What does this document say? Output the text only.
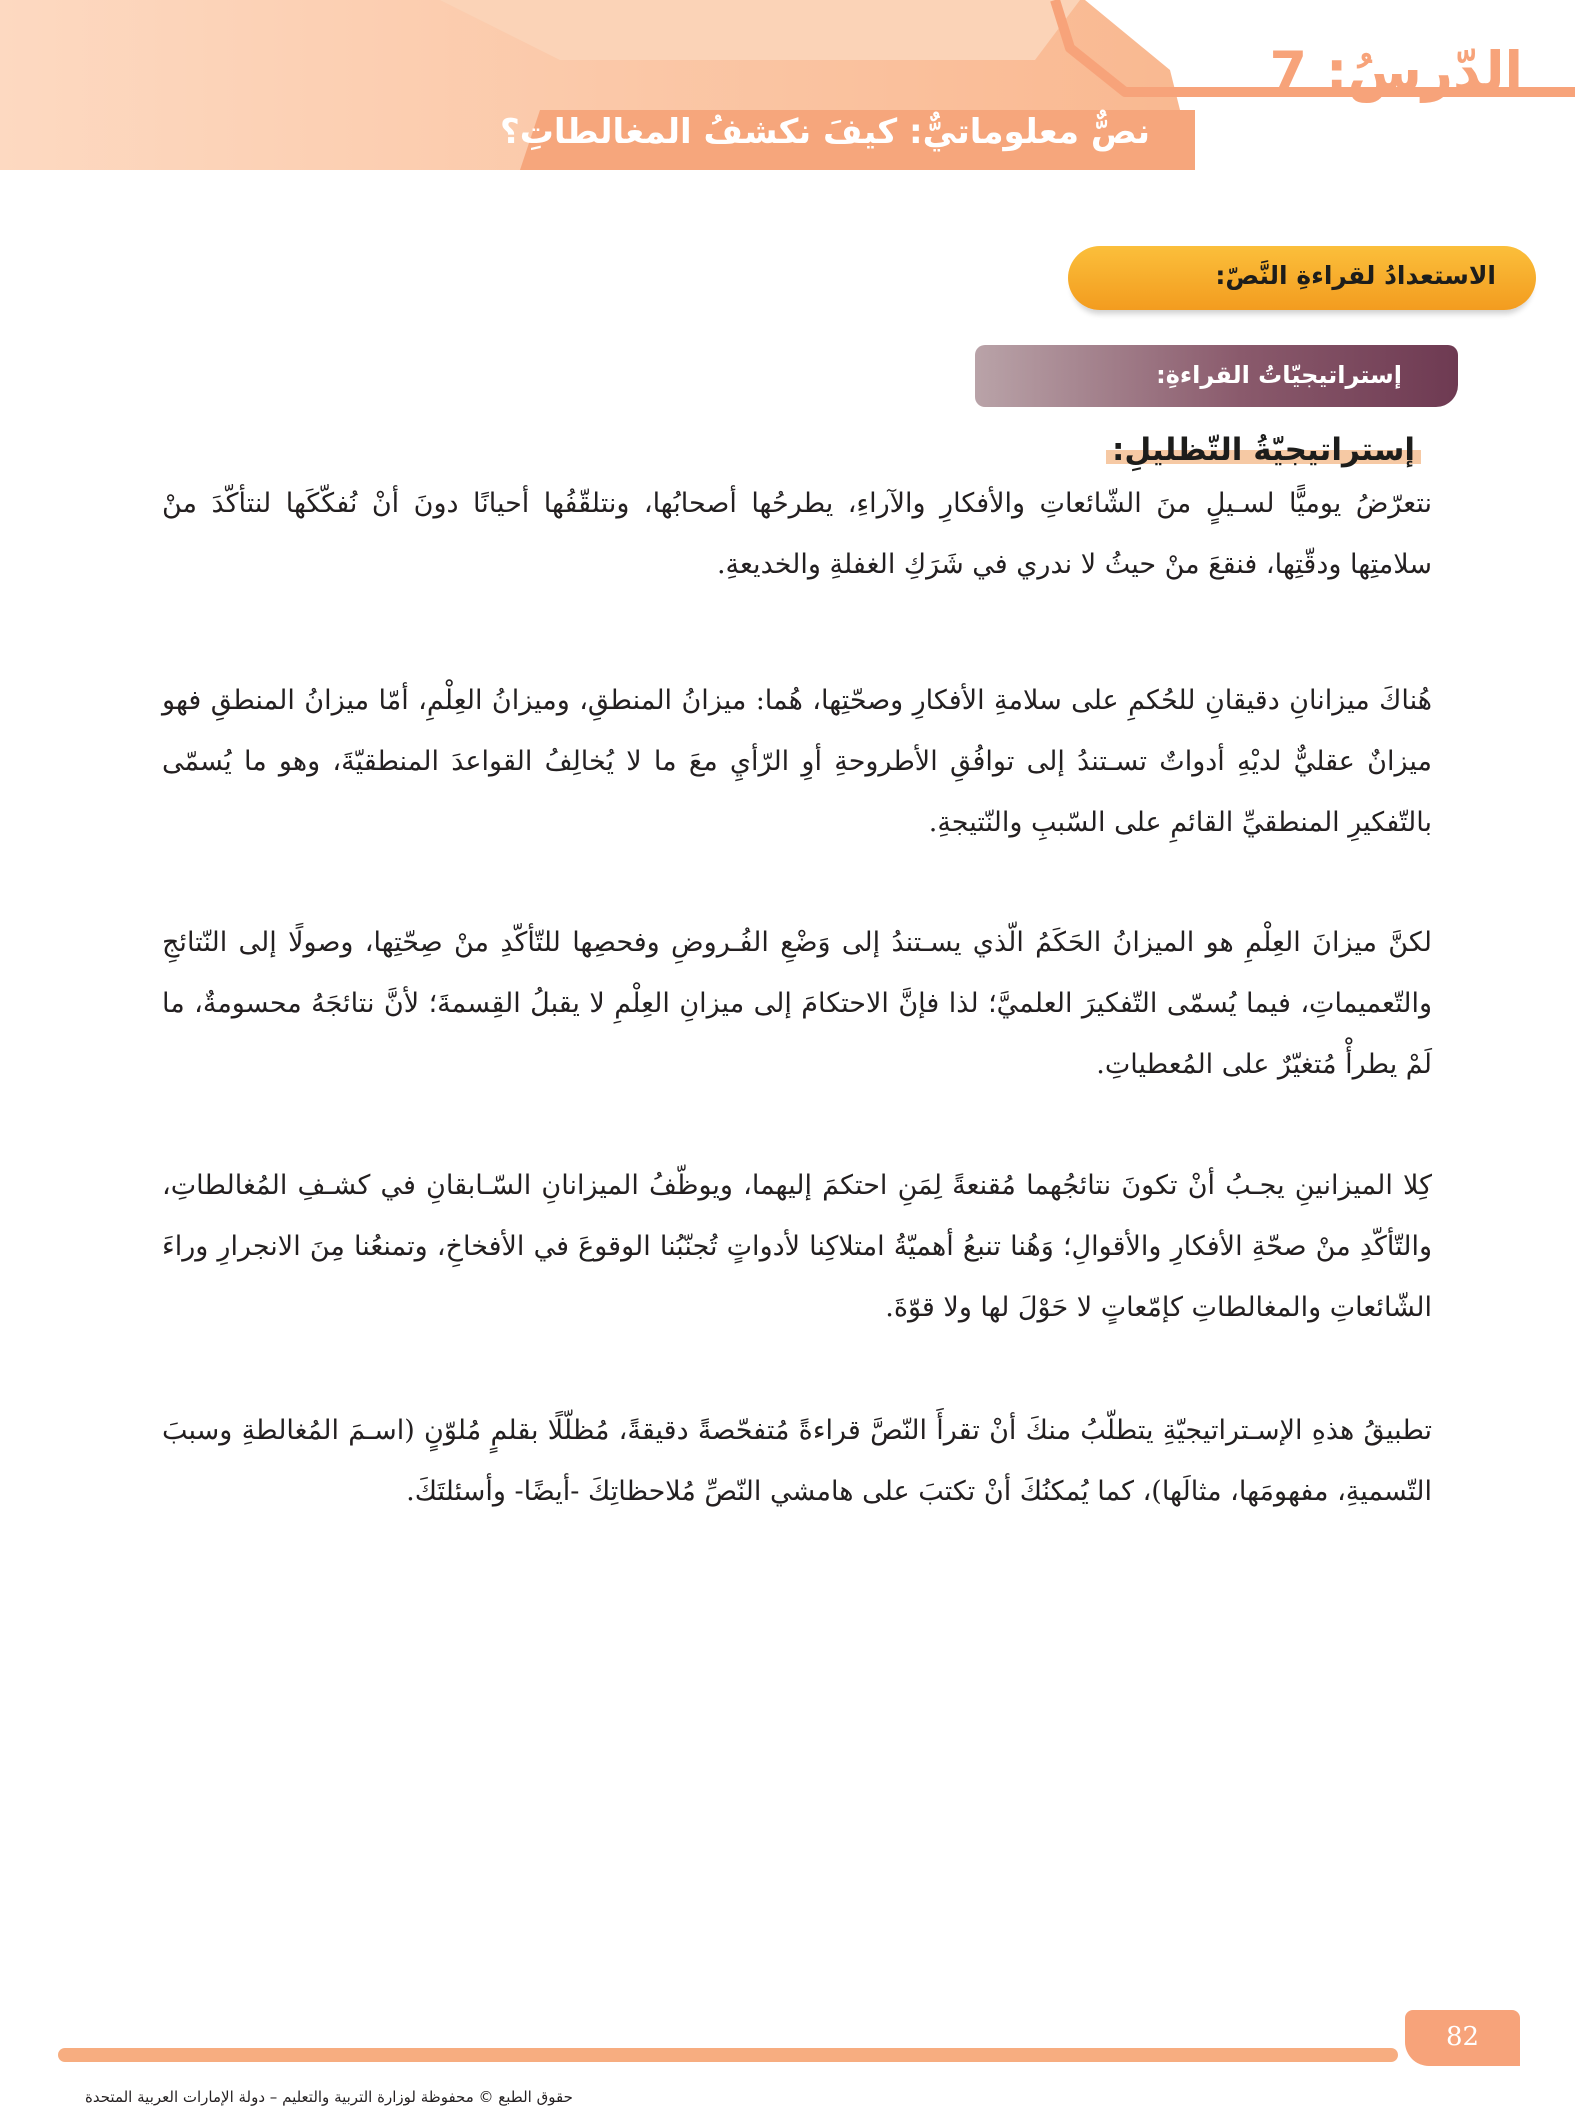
الدّرسُ: 7
نصٌّ معلوماتيٌّ: كيفَ نكشفُ المغالطاتِ؟
الاستعدادُ لقراءةِ النَّصّ:
إستراتيجيّاتُ القراءةِ:
إستراتيجيّةُ التّظليلِ:

نتعرّضُ يوميًّا لسـيلٍ منَ الشّائعاتِ والأفكارِ والآراءِ، يطرحُها أصحابُها، ونتلقّفُها أحيانًا دونَ أنْ نُفكّكَها لنتأكّدَ منْ سلامتِها ودقّتِها، فنقعَ منْ حيثُ لا ندري في شَرَكِ الغفلةِ والخديعةِ.

هُناكَ ميزانانِ دقيقانِ للحُكمِ على سلامةِ الأفكارِ وصحّتِها، هُما: ميزانُ المنطقِ، وميزانُ العِلْمِ، أمّا ميزانُ المنطقِ فهو ميزانٌ عقليٌّ لديْهِ أدواتٌ تسـتندُ إلى توافُقِ الأطروحةِ أوِ الرّأيِ معَ ما لا يُخالِفُ القواعدَ المنطقيّةَ، وهو ما يُسمّى بالتّفكيرِ المنطقيِّ القائمِ على السّببِ والنّتيجةِ.

لكنَّ ميزانَ العِلْمِ هو الميزانُ الحَكَمُ الّذي يسـتندُ إلى وَضْعِ الفُـروضِ وفحصِها للتّأكّدِ منْ صِحّتِها، وصولًا إلى النّتائجِ والتّعميماتِ، فيما يُسمّى التّفكيرَ العلميَّ؛ لذا فإنَّ الاحتكامَ إلى ميزانِ العِلْمِ لا يقبلُ القِسمةَ؛ لأنَّ نتائجَهُ محسومةٌ، ما لَمْ يطرأْ مُتغيّرٌ على المُعطياتِ.

كِلا الميزانينِ يجـبُ أنْ تكونَ نتائجُهما مُقنعةً لِمَنِ احتكمَ إليهما، ويوظّفُ الميزانانِ السّـابقانِ في كشـفِ المُغالطاتِ، والتّأكّدِ منْ صحّةِ الأفكارِ والأقوالِ؛ وَهُنا تنبعُ أهميّةُ امتلاكِنا لأدواتٍ تُجنّبُنا الوقوعَ في الأفخاخِ، وتمنعُنا مِنَ الانجرارِ وراءَ الشّائعاتِ والمغالطاتِ كإمّعاتٍ لا حَوْلَ لها ولا قوّةَ.

تطبيقُ هذهِ الإسـتراتيجيّةِ يتطلّبُ منكَ أنْ تقرأَ النّصَّ قراءةً مُتفحّصةً دقيقةً، مُظلّلًا بقلمٍ مُلوّنٍ (اسـمَ المُغالطةِ وسببَ التّسميةِ، مفهومَها، مثالَها)، كما يُمكنُكَ أنْ تكتبَ على هامشي النّصِّ مُلاحظاتِكَ -أيضًا- وأسئلتَكَ.

82
حقوق الطبع © محفوظة لوزارة التربية والتعليم – دولة الإمارات العربية المتحدة
